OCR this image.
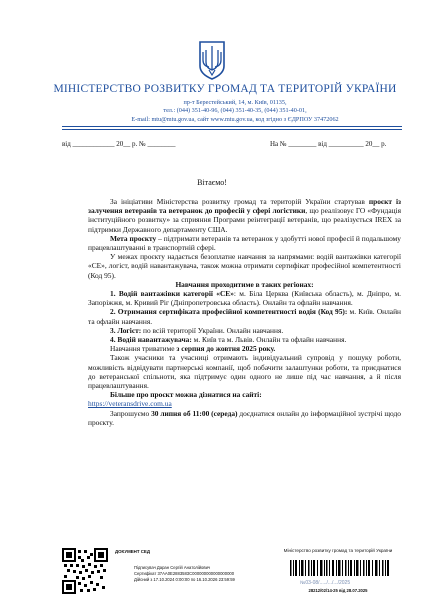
МІНІСТЕРСТВО РОЗВИТКУ ГРОМАД ТА ТЕРИТОРІЙ УКРАЇНИ
пр-т Берестейський, 14, м. Київ, 01135,
тел.: (044) 351-40-96, (044) 351-40-35, (044) 351-40-01,
E-mail: mtu@mtu.gov.ua, сайт www.mtu.gov.ua, код згідно з ЄДРПОУ 37472062
від ____________ 20__ р. № ________	На № ________ від __________ 20__ р.
Вітаємо!

За ініціативи Міністерства розвитку громад та територій України стартував проєкт із залучення ветеранів та ветеранок до професій у сфері логістики, що реалізовує ГО «Фундація інституційного розвитку» за сприяння Програми реінтеграції ветеранів, що реалізується IREX за підтримки Державного департаменту США.

Мета проєкту – підтримати ветеранів та ветеранок у здобутті нової професії й подальшому працевлаштуванні в транспортній сфері.

У межах проєкту надається безоплатне навчання за напрямами: водій вантажівки категорії «СЕ», логіст, водій навантажувача, також можна отримати сертифікат професійної компетентності (Код 95).

Навчання проходитиме в таких регіонах:

1. Водій вантажівки категорії «СЕ»: м. Біла Церква (Київська область), м. Дніпро, м. Запоріжжя, м. Кривий Ріг (Дніпропетровська область). Онлайн та офлайн навчання.

2. Отримання сертифіката професійної компетентності водія (Код 95): м. Київ. Онлайн та офлайн навчання.

3. Логіст: по всій території України. Онлайн навчання.

4. Водій навантажувача: м. Київ та м. Львів. Онлайн та офлайн навчання.

Навчання триватиме з серпня до жовтня 2025 року.

Також учасники та учасниці отримають індивідуальний супровід у пошуку роботи, можливість відвідувати партнерські компанії, щоб побачити залаштунки роботи, та приєднатися до ветеранської спільноти, яка підтримує один одного не лише під час навчання, а й після працевлаштування.

Більше про проєкт можна дізнатися на сайті:
https://veteransdrive.com.ua

Запрошуємо 30 липня об 11:00 (середа) доєднатися онлайн до інформаційної зустрічі щодо проєкту.

ДОКУМЕНТ СЕД
Підписувач Даран Сергій Анатолійович
Сертифікат 37AA0E2883583C000000000000000000
Дійсний з 17.10.2024 0:00:00 по 16.10.2026 23:59:59
Міністерство розвитку громад та територій України
№03-08/...../.../.../2025
28212/02/14-25 від 28.07.2025
